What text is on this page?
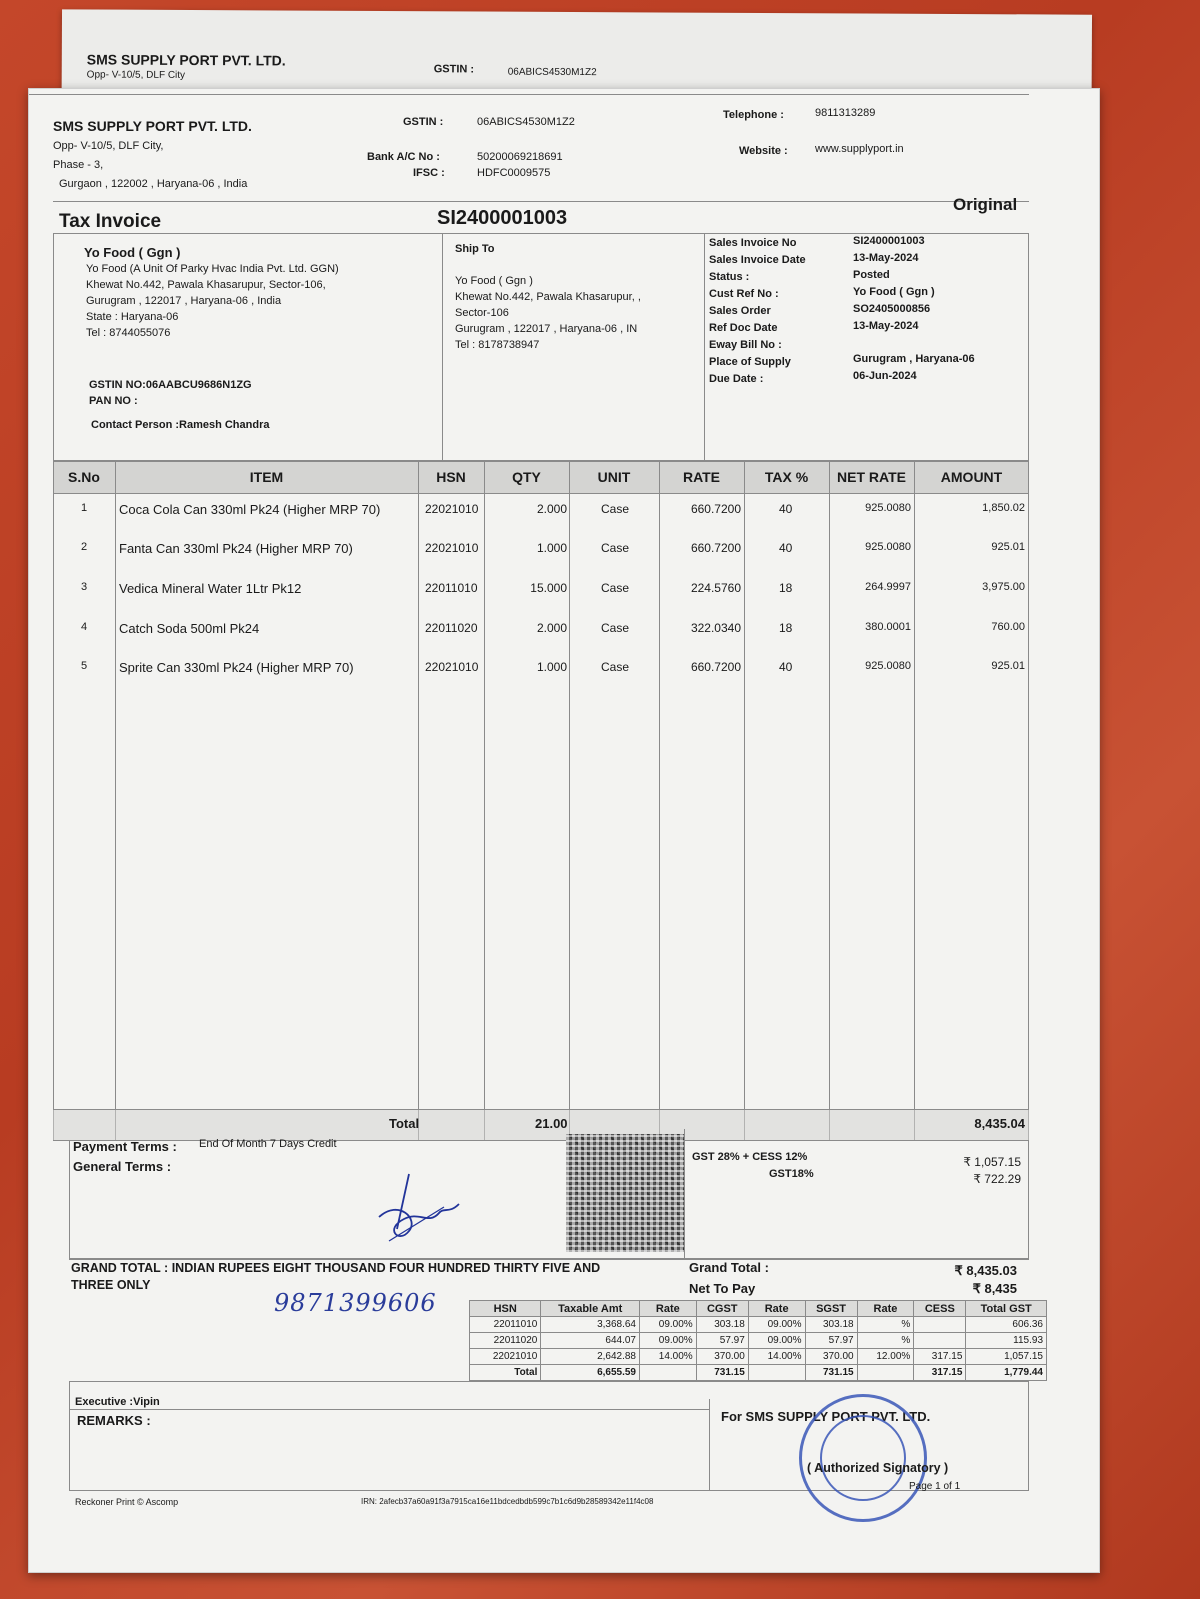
SMS SUPPLY PORT PVT. LTD.
Opp- V-10/5, DLF City	GSTIN :	06ABICS4530M1Z2
SMS SUPPLY PORT PVT. LTD.
Opp- V-10/5, DLF City,
Phase - 3,
Gurgaon , 122002 , Haryana-06 , India
GSTIN :	06ABICS4530M1Z2
Bank A/C No :	50200069218691
IFSC :	HDFC0009575
Telephone :	9811313289
Website : www.supplyport.in
Tax Invoice	SI2400001003
Original
Yo Food ( Ggn )
Yo Food (A Unit Of Parky Hvac India Pvt. Ltd. GGN)
Khewat No.442, Pawala Khasarupur, Sector-106,
Gurugram , 122017 , Haryana-06 , India
State : Haryana-06
Tel : 8744055076
GSTIN NO:06AABCU9686N1ZG
PAN NO :
Contact Person :Ramesh Chandra
Ship To
Yo Food ( Ggn )
Khewat No.442, Pawala Khasarupur, ,
Sector-106
Gurugram , 122017 , Haryana-06 , IN
Tel : 8178738947
Sales Invoice No	SI2400001003
Sales Invoice Date	13-May-2024
Status :	Posted
Cust Ref No :	Yo Food ( Ggn )
Sales Order	SO2405000856
Ref Doc Date	13-May-2024
Eway Bill No :
Place of Supply	Gurugram , Haryana-06
Due Date :	06-Jun-2024
S.No	ITEM	HSN	QTY	UNIT	RATE	TAX %	NET RATE	AMOUNT
1 Coca Cola Can 330ml Pk24 (Higher MRP 70)	22021010	2.000	Case	660.7200	40	925.0080	1,850.02
2 Fanta Can 330ml Pk24 (Higher MRP 70)	22021010	1.000	Case	660.7200	40	925.0080	925.01
3 Vedica Mineral Water 1Ltr Pk12	22011010	15.000	Case	224.5760	18	264.9997	3,975.00
4 Catch Soda 500ml Pk24	22011020	2.000	Case	322.0340	18	380.0001	760.00
5 Sprite Can 330ml Pk24 (Higher MRP 70)	22021010	1.000	Case	660.7200	40	925.0080	925.01
Total	21.00	8,435.04
Payment Terms : End Of Month 7 Days Credit
General Terms :
GST 28% + CESS 12%	₹ 1,057.15
GST18%	₹ 722.29
GRAND TOTAL : INDIAN RUPEES EIGHT THOUSAND FOUR HUNDRED THIRTY FIVE AND
THREE ONLY
Grand Total :	₹ 8,435.03
Net To Pay	₹ 8,435
9871399606	HSN	Taxable Amt	Rate	CGST	Rate	SGST	Rate	CESS	Total GST
22011010	3,368.64	09.00%	303.18	09.00%	303.18	%		606.36
22011020	644.07	09.00%	57.97	09.00%	57.97	%		115.93
22021010	2,642.88	14.00%	370.00	14.00%	370.00	12.00%	317.15	1,057.15
Total	6,655.59		731.15		731.15		317.15	1,779.44
Executive :Vipin
REMARKS :	For SMS SUPPLY PORT PVT. LTD.
( Authorized Signatory )
Page 1 of 1
Reckoner Print © Ascomp	IRN: 2afecb37a60a91f3a7915ca16e11bdcedbdb599c7b1c6d9b28589342e11f4c08
